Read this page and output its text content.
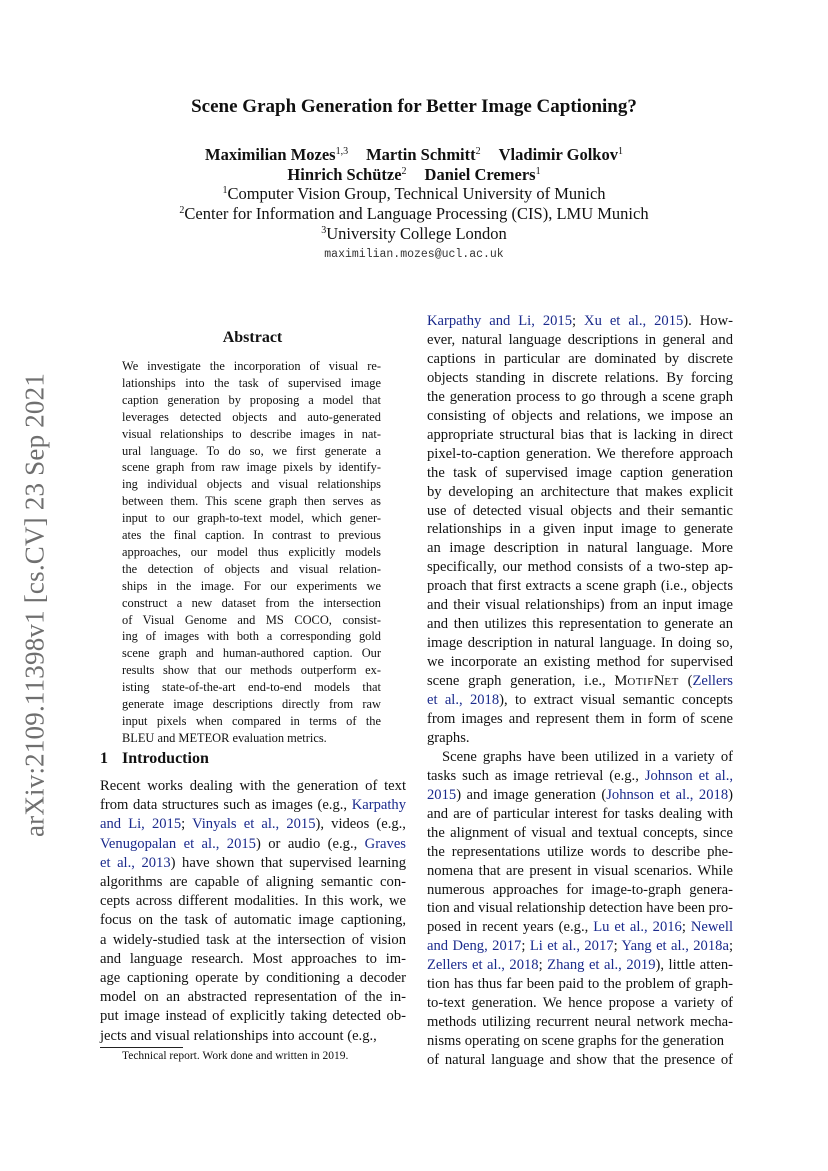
arXiv:2109.11398v1 [cs.CV] 23 Sep 2021
Scene Graph Generation for Better Image Captioning?
Maximilian Mozes$^{1,3}$ Martin Schmitt$^2$ Vladimir Golkov$^1$
Hinrich Schütze$^2$ Daniel Cremers$^1$
$^1$Computer Vision Group, Technical University of Munich
$^2$Center for Information and Language Processing (CIS), LMU Munich
$^3$University College London
maximilian.mozes@ucl.ac.uk
Abstract
We investigate the incorporation of visual re-
lationships into the task of supervised image
caption generation by proposing a model that
leverages detected objects and auto-generated
visual relationships to describe images in nat-
ural language. To do so, we first generate a
scene graph from raw image pixels by identify-
ing individual objects and visual relationships
between them. This scene graph then serves as
input to our graph-to-text model, which gener-
ates the final caption. In contrast to previous
approaches, our model thus explicitly models
the detection of objects and visual relation-
ships in the image. For our experiments we
construct a new dataset from the intersection
of Visual Genome and MS COCO, consist-
ing of images with both a corresponding gold
scene graph and human-authored caption. Our
results show that our methods outperform ex-
isting state-of-the-art end-to-end models that
generate image descriptions directly from raw
input pixels when compared in terms of the
BLEU and METEOR evaluation metrics.
1 Introduction
Recent works dealing with the generation of text
from data structures such as images (e.g., Karpathy
and Li, 2015; Vinyals et al., 2015), videos (e.g.,
Venugopalan et al., 2015) or audio (e.g., Graves
et al., 2013) have shown that supervised learning
algorithms are capable of aligning semantic con-
cepts across different modalities. In this work, we
focus on the task of automatic image captioning,
a widely-studied task at the intersection of vision
and language research. Most approaches to im-
age captioning operate by conditioning a decoder
model on an abstracted representation of the in-
put image instead of explicitly taking detected ob-
jects and visual relationships into account (e.g.,
Karpathy and Li, 2015; Xu et al., 2015). How-
ever, natural language descriptions in general and
captions in particular are dominated by discrete
objects standing in discrete relations. By forcing
the generation process to go through a scene graph
consisting of objects and relations, we impose an
appropriate structural bias that is lacking in direct
pixel-to-caption generation. We therefore approach
the task of supervised image caption generation
by developing an architecture that makes explicit
use of detected visual objects and their semantic
relationships in a given input image to generate
an image description in natural language. More
specifically, our method consists of a two-step ap-
proach that first extracts a scene graph (i.e., objects
and their visual relationships) from an input image
and then utilizes this representation to generate an
image description in natural language. In doing so,
we incorporate an existing method for supervised
scene graph generation, i.e., MOTIFNET (Zellers
et al., 2018), to extract visual semantic concepts
from images and represent them in form of scene
graphs.
Scene graphs have been utilized in a variety of
tasks such as image retrieval (e.g., Johnson et al.,
2015) and image generation (Johnson et al., 2018)
and are of particular interest for tasks dealing with
the alignment of visual and textual concepts, since
the representations utilize words to describe phe-
nomena that are present in visual scenarios. While
numerous approaches for image-to-graph genera-
tion and visual relationship detection have been pro-
posed in recent years (e.g., Lu et al., 2016; Newell
and Deng, 2017; Li et al., 2017; Yang et al., 2018a;
Zellers et al., 2018; Zhang et al., 2019), little atten-
tion has thus far been paid to the problem of graph-
to-text generation. We hence propose a variety of
methods utilizing recurrent neural network mecha-
nisms operating on scene graphs for the generation
of natural language and show that the presence of
Technical report. Work done and written in 2019.
